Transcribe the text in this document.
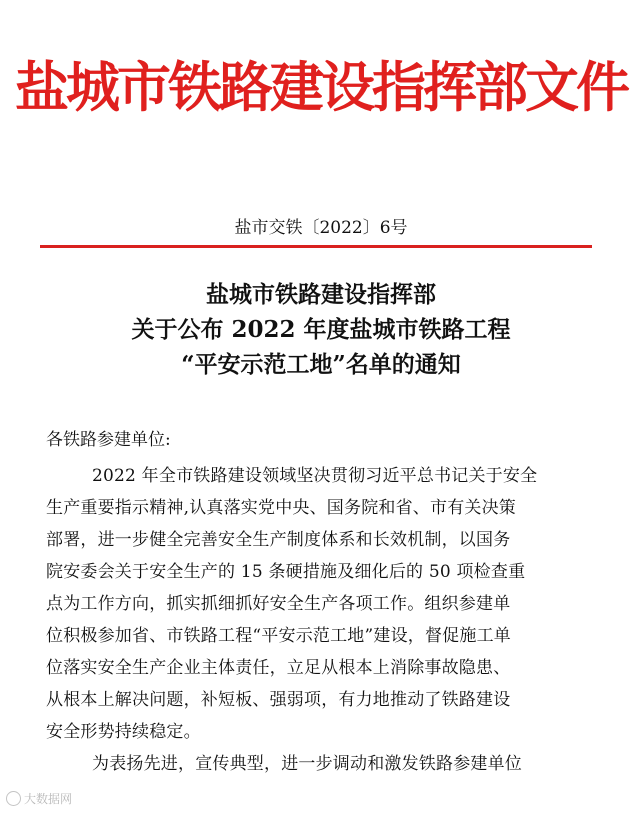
盐城市铁路建设指挥部文件
盐市交铁〔2022〕6号
盐城市铁路建设指挥部
关于公布 2022 年度盐城市铁路工程
“平安示范工地”名单的通知
各铁路参建单位:
2022 年全市铁路建设领域坚决贯彻习近平总书记关于安全
生产重要指示精神,认真落实党中央、国务院和省、市有关决策
部署，进一步健全完善安全生产制度体系和长效机制，以国务
院安委会关于安全生产的 15 条硬措施及细化后的 50 项检查重
点为工作方向，抓实抓细抓好安全生产各项工作。组织参建单
位积极参加省、市铁路工程“平安示范工地”建设，督促施工单
位落实安全生产企业主体责任，立足从根本上消除事故隐患、
从根本上解决问题，补短板、强弱项，有力地推动了铁路建设
安全形势持续稳定。
为表扬先进，宣传典型，进一步调动和激发铁路参建单位
大数据网
